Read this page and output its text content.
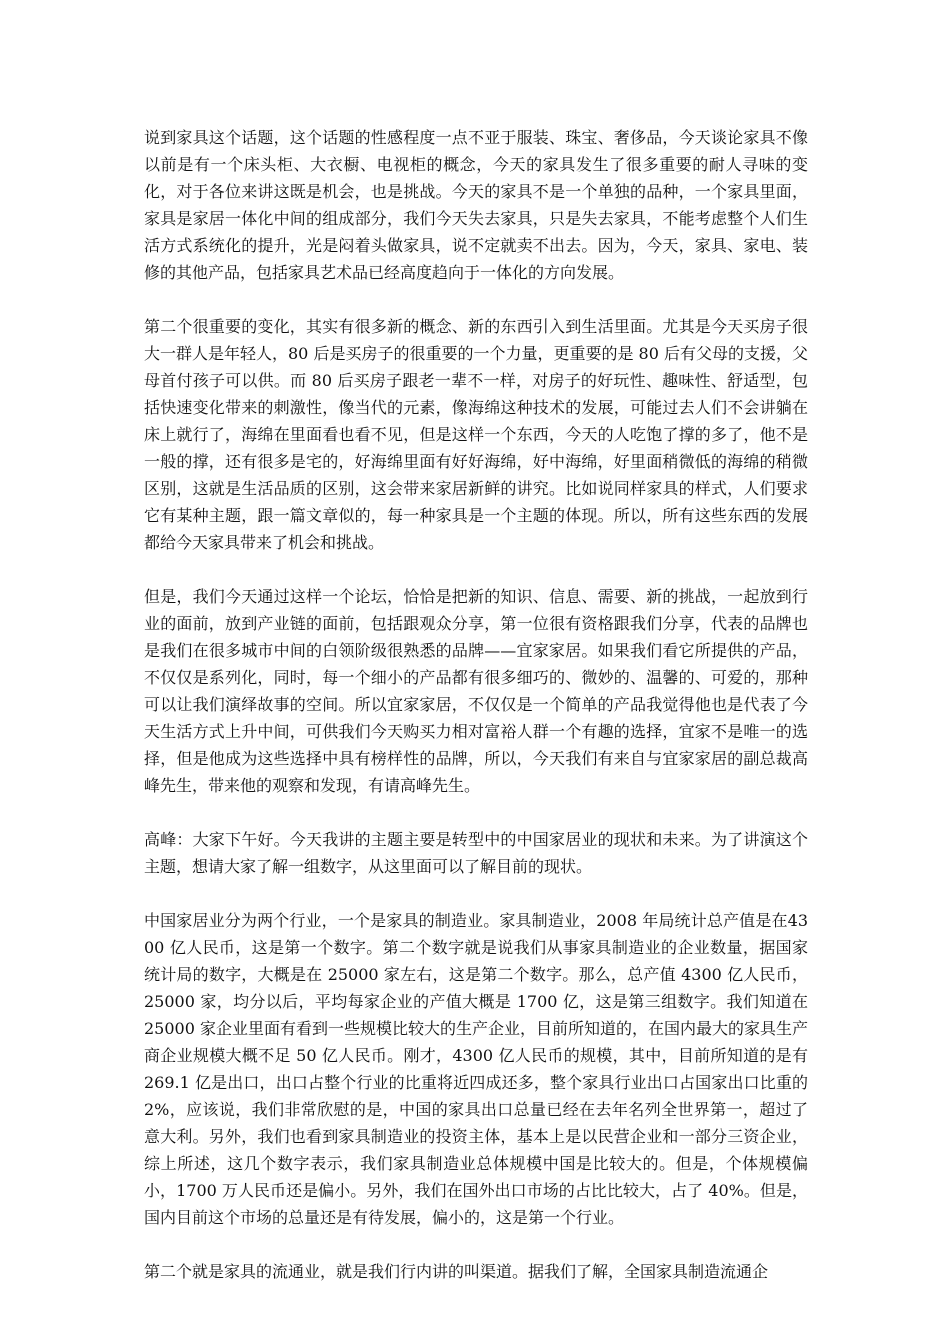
说到家具这个话题，这个话题的性感程度一点不亚于服装、珠宝、奢侈品，今天谈论家具不像以前是有一个床头柜、大衣橱、电视柜的概念，今天的家具发生了很多重要的耐人寻味的变化，对于各位来讲这既是机会，也是挑战。今天的家具不是一个单独的品种，一个家具里面，家具是家居一体化中间的组成部分，我们今天失去家具，只是失去家具，不能考虑整个人们生活方式系统化的提升，光是闷着头做家具，说不定就卖不出去。因为，今天，家具、家电、装修的其他产品，包括家具艺术品已经高度趋向于一体化的方向发展。

第二个很重要的变化，其实有很多新的概念、新的东西引入到生活里面。尤其是今天买房子很大一群人是年轻人，80 后是买房子的很重要的一个力量，更重要的是 80 后有父母的支援，父母首付孩子可以供。而 80 后买房子跟老一辈不一样，对房子的好玩性、趣味性、舒适型，包括快速变化带来的刺激性，像当代的元素，像海绵这种技术的发展，可能过去人们不会讲躺在床上就行了，海绵在里面看也看不见，但是这样一个东西，今天的人吃饱了撑的多了，他不是一般的撑，还有很多是宅的，好海绵里面有好好海绵，好中海绵，好里面稍微低的海绵的稍微区别，这就是生活品质的区别，这会带来家居新鲜的讲究。比如说同样家具的样式，人们要求它有某种主题，跟一篇文章似的，每一种家具是一个主题的体现。所以，所有这些东西的发展都给今天家具带来了机会和挑战。

但是，我们今天通过这样一个论坛，恰恰是把新的知识、信息、需要、新的挑战，一起放到行业的面前，放到产业链的面前，包括跟观众分享，第一位很有资格跟我们分享，代表的品牌也是我们在很多城市中间的白领阶级很熟悉的品牌——宜家家居。如果我们看它所提供的产品，不仅仅是系列化，同时，每一个细小的产品都有很多细巧的、微妙的、温馨的、可爱的，那种可以让我们演绎故事的空间。所以宜家家居，不仅仅是一个简单的产品我觉得他也是代表了今天生活方式上升中间，可供我们今天购买力相对富裕人群一个有趣的选择，宜家不是唯一的选择，但是他成为这些选择中具有榜样性的品牌，所以，今天我们有来自与宜家家居的副总裁高峰先生，带来他的观察和发现，有请高峰先生。

高峰：大家下午好。今天我讲的主题主要是转型中的中国家居业的现状和未来。为了讲演这个主题，想请大家了解一组数字，从这里面可以了解目前的现状。

中国家居业分为两个行业，一个是家具的制造业。家具制造业，2008 年局统计总产值是在4300 亿人民币，这是第一个数字。第二个数字就是说我们从事家具制造业的企业数量，据国家统计局的数字，大概是在 25000 家左右，这是第二个数字。那么，总产值 4300 亿人民币，25000 家，均分以后，平均每家企业的产值大概是 1700 亿，这是第三组数字。我们知道在 25000 家企业里面有看到一些规模比较大的生产企业，目前所知道的，在国内最大的家具生产商企业规模大概不足 50 亿人民币。刚才，4300 亿人民币的规模，其中，目前所知道的是有 269.1 亿是出口，出口占整个行业的比重将近四成还多，整个家具行业出口占国家出口比重的 2%，应该说，我们非常欣慰的是，中国的家具出口总量已经在去年名列全世界第一，超过了意大利。另外，我们也看到家具制造业的投资主体，基本上是以民营企业和一部分三资企业，综上所述，这几个数字表示，我们家具制造业总体规模中国是比较大的。但是，个体规模偏小，1700 万人民币还是偏小。另外，我们在国外出口市场的占比比较大，占了 40%。但是，国内目前这个市场的总量还是有待发展，偏小的，这是第一个行业。

第二个就是家具的流通业，就是我们行内讲的叫渠道。据我们了解，全国家具制造流通企
